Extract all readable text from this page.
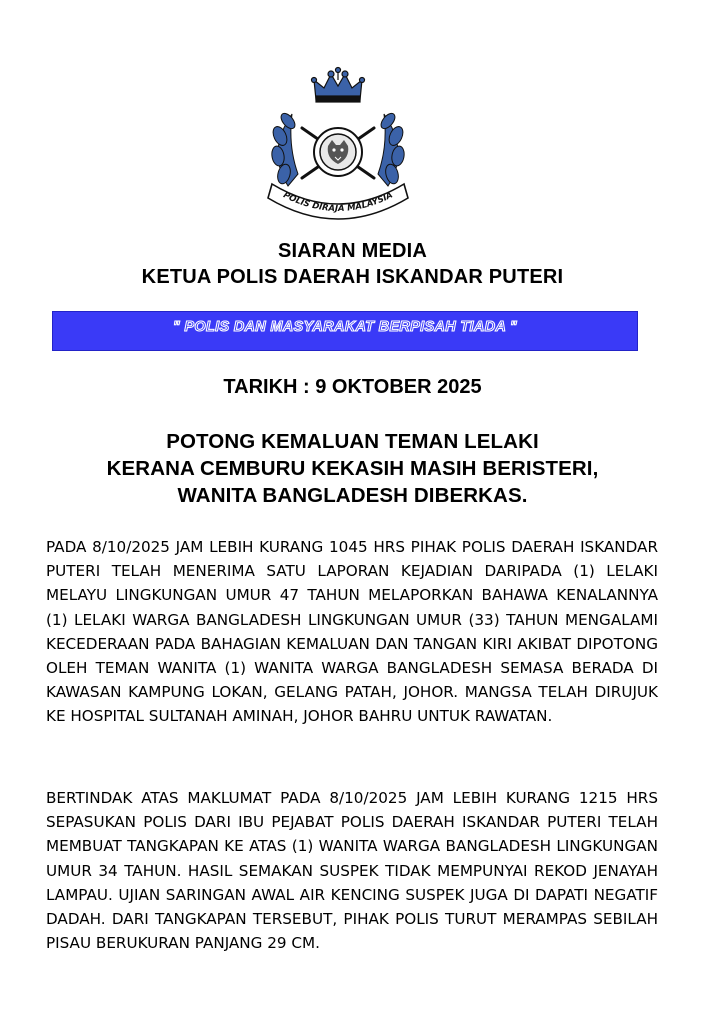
POLIS DIRAJA MALAYSIA
SIARAN MEDIA
KETUA POLIS DAERAH ISKANDAR PUTERI
" POLIS DAN MASYARAKAT BERPISAH TIADA "
TARIKH : 9 OKTOBER 2025
POTONG KEMALUAN TEMAN LELAKI
KERANA CEMBURU KEKASIH MASIH BERISTERI,
WANITA BANGLADESH DIBERKAS.

PADA 8/10/2025 JAM LEBIH KURANG 1045 HRS PIHAK POLIS DAERAH ISKANDAR PUTERI TELAH MENERIMA SATU LAPORAN KEJADIAN DARIPADA (1) LELAKI MELAYU LINGKUNGAN UMUR 47 TAHUN MELAPORKAN BAHAWA KENALANNYA (1) LELAKI WARGA BANGLADESH LINGKUNGAN UMUR (33) TAHUN MENGALAMI KECEDERAAN PADA BAHAGIAN KEMALUAN DAN TANGAN KIRI AKIBAT DIPOTONG OLEH TEMAN WANITA (1) WANITA WARGA BANGLADESH SEMASA BERADA DI KAWASAN KAMPUNG LOKAN, GELANG PATAH, JOHOR. MANGSA TELAH DIRUJUK KE HOSPITAL SULTANAH AMINAH, JOHOR BAHRU UNTUK RAWATAN.

BERTINDAK ATAS MAKLUMAT PADA 8/10/2025 JAM LEBIH KURANG 1215 HRS SEPASUKAN POLIS DARI IBU PEJABAT POLIS DAERAH ISKANDAR PUTERI TELAH MEMBUAT TANGKAPAN KE ATAS (1) WANITA WARGA BANGLADESH LINGKUNGAN UMUR 34 TAHUN. HASIL SEMAKAN SUSPEK TIDAK MEMPUNYAI REKOD JENAYAH LAMPAU. UJIAN SARINGAN AWAL AIR KENCING SUSPEK JUGA DI DAPATI NEGATIF DADAH. DARI TANGKAPAN TERSEBUT, PIHAK POLIS TURUT MERAMPAS SEBILAH PISAU BERUKURAN PANJANG 29 CM.
